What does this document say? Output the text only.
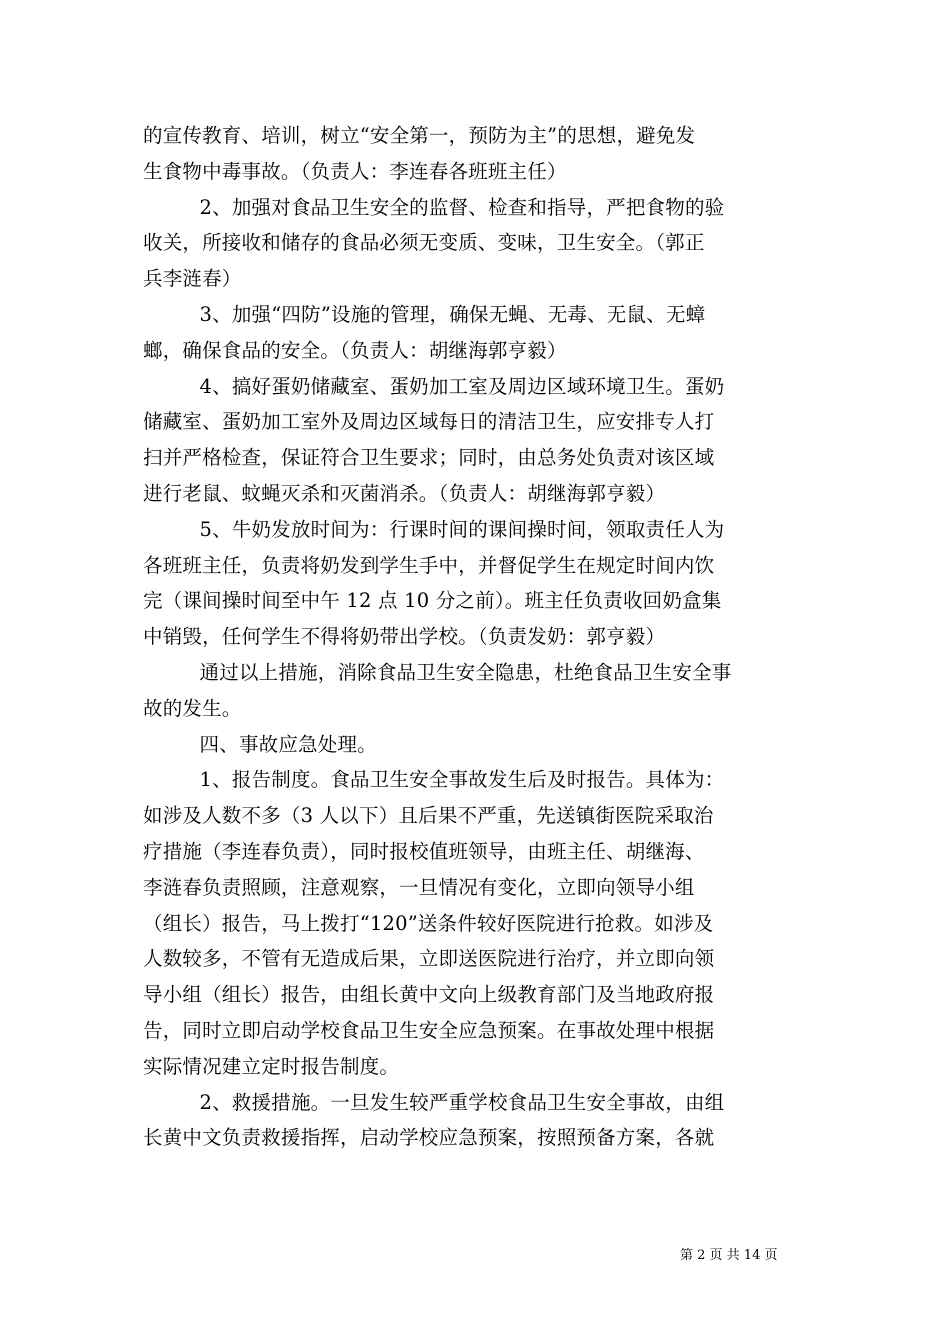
的宣传教育、培训，树立“安全第一，预防为主”的思想，避免发
生食物中毒事故。（负责人：李连春各班班主任）

2、加强对食品卫生安全的监督、检查和指导，严把食物的验
收关，所接收和储存的食品必须无变质、变味，卫生安全。（郭正
兵李涟春）

3、加强“四防”设施的管理，确保无蝇、无毒、无鼠、无蟑
螂，确保食品的安全。（负责人：胡继海郭亨毅）

4、搞好蛋奶储藏室、蛋奶加工室及周边区域环境卫生。蛋奶
储藏室、蛋奶加工室外及周边区域每日的清洁卫生，应安排专人打
扫并严格检查，保证符合卫生要求；同时，由总务处负责对该区域
进行老鼠、蚊蝇灭杀和灭菌消杀。（负责人：胡继海郭亨毅）

5、牛奶发放时间为：行课时间的课间操时间，领取责任人为
各班班主任，负责将奶发到学生手中，并督促学生在规定时间内饮
完（课间操时间至中午 12 点 10 分之前）。班主任负责收回奶盒集
中销毁，任何学生不得将奶带出学校。（负责发奶：郭亨毅）

通过以上措施，消除食品卫生安全隐患，杜绝食品卫生安全事
故的发生。

四、事故应急处理。

1、报告制度。食品卫生安全事故发生后及时报告。具体为：
如涉及人数不多（3 人以下）且后果不严重，先送镇街医院采取治
疗措施（李连春负责），同时报校值班领导，由班主任、胡继海、
李涟春负责照顾，注意观察，一旦情况有变化，立即向领导小组
（组长）报告，马上拨打“120”送条件较好医院进行抢救。如涉及
人数较多，不管有无造成后果，立即送医院进行治疗，并立即向领
导小组（组长）报告，由组长黄中文向上级教育部门及当地政府报
告，同时立即启动学校食品卫生安全应急预案。在事故处理中根据
实际情况建立定时报告制度。

2、救援措施。一旦发生较严重学校食品卫生安全事故，由组
长黄中文负责救援指挥，启动学校应急预案，按照预备方案，各就

第 2 页 共 14 页
